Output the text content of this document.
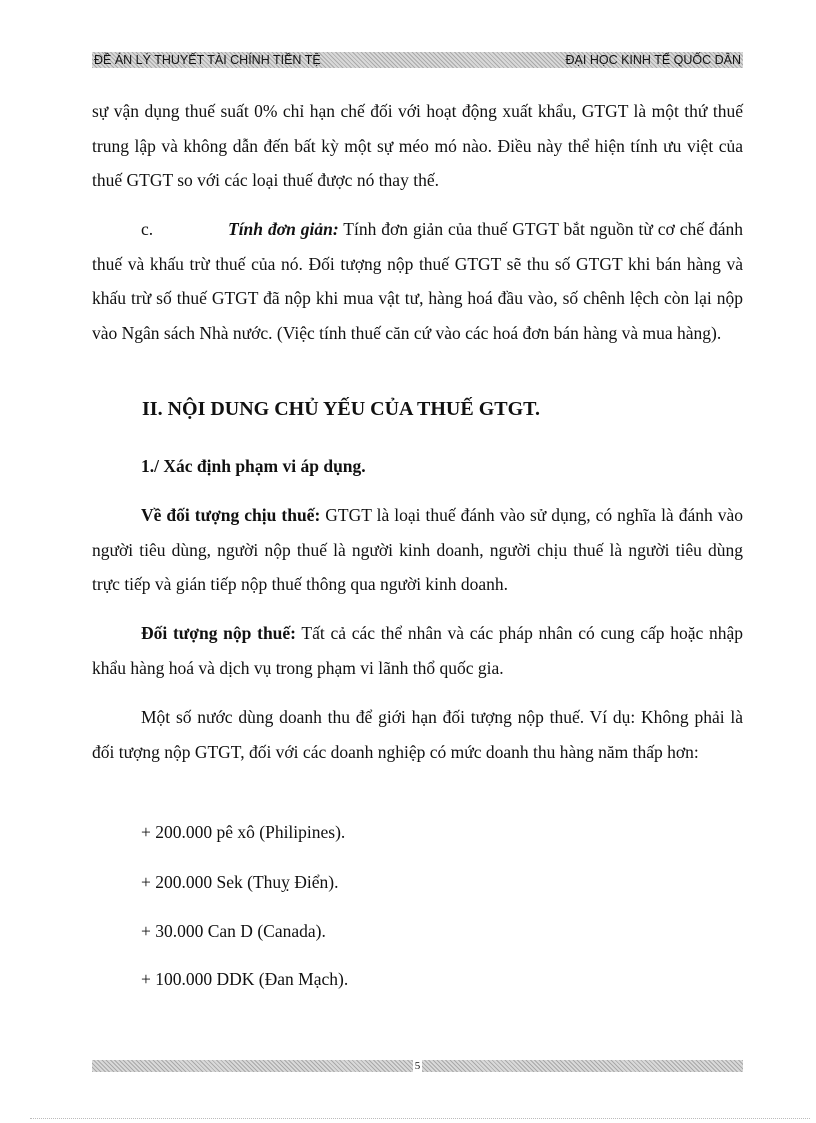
ĐỀ ÁN LÝ THUYẾT TÀI CHÍNH TIỀN TỆ	ĐẠI HỌC KINH TẾ QUỐC DÂN

sự vận dụng thuế suất 0% chỉ hạn chế đối với hoạt động xuất khẩu, GTGT là một thứ thuế trung lập và không dẫn đến bất kỳ một sự méo mó nào. Điều này thể hiện tính ưu việt của thuế GTGT so với các loại thuế được nó thay thế.

c.	Tính đơn giản: Tính đơn giản của thuế GTGT bắt nguồn từ cơ chế đánh thuế và khấu trừ thuế của nó. Đối tượng nộp thuế GTGT sẽ thu số GTGT khi bán hàng và khấu trừ số thuế GTGT đã nộp khi mua vật tư, hàng hoá đầu vào, số chênh lệch còn lại nộp vào Ngân sách Nhà nước. (Việc tính thuế căn cứ vào các hoá đơn bán hàng và mua hàng).

II. NỘI DUNG CHỦ YẾU CỦA THUẾ GTGT.
1./ Xác định phạm vi áp dụng.

Về đối tượng chịu thuế: GTGT là loại thuế đánh vào sử dụng, có nghĩa là đánh vào người tiêu dùng, người nộp thuế là người kinh doanh, người chịu thuế là người tiêu dùng trực tiếp và gián tiếp nộp thuế thông qua người kinh doanh.

Đối tượng nộp thuế: Tất cả các thể nhân và các pháp nhân có cung cấp hoặc nhập khẩu hàng hoá và dịch vụ trong phạm vi lãnh thổ quốc gia.

Một số nước dùng doanh thu để giới hạn đối tượng nộp thuế. Ví dụ: Không phải là đối tượng nộp GTGT, đối với các doanh nghiệp có mức doanh thu hàng năm thấp hơn:

+ 200.000 pê xô (Philipines).

+ 200.000 Sek (Thuỵ Điển).

+ 30.000 Can D (Canada).

+ 100.000 DDK (Đan Mạch).

5
